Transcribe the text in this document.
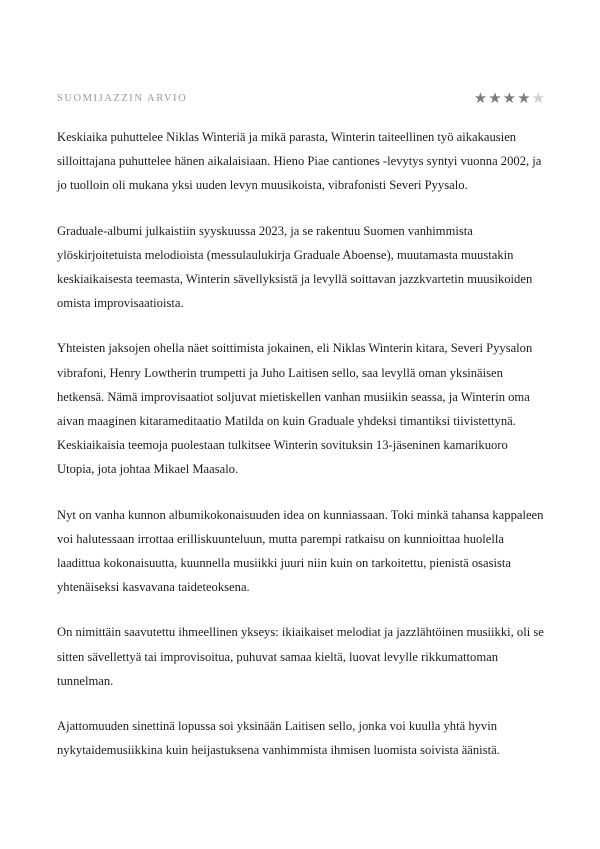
SUOMIJAZZIN ARVIO	★ ★ ★ ★ ★

Keskiaika puhuttelee Niklas Winteriä ja mikä parasta, Winterin taiteellinen työ aikakausien silloittajana puhuttelee hänen aikalaisiaan. Hieno Piae cantiones -levytys syntyi vuonna 2002, ja jo tuolloin oli mukana yksi uuden levyn muusikoista, vibrafonisti Severi Pyysalo.

Graduale-albumi julkaistiin syyskuussa 2023, ja se rakentuu Suomen vanhimmista ylöskirjoitetuista melodioista (messulaulukirja Graduale Aboense), muutamasta muustakin keskiaikaisesta teemasta, Winterin sävellyksistä ja levyllä soittavan jazzkvartetin muusikoiden omista improvisaatioista.

Yhteisten jaksojen ohella näet soittimista jokainen, eli Niklas Winterin kitara, Severi Pyysalon vibrafoni, Henry Lowtherin trumpetti ja Juho Laitisen sello, saa levyllä oman yksinäisen hetkensä. Nämä improvisaatiot soljuvat mietiskellen vanhan musiikin seassa, ja Winterin oma aivan maaginen kitarameditaatio Matilda on kuin Graduale yhdeksi timantiksi tiivistettynä. Keskiaikaisia teemoja puolestaan tulkitsee Winterin sovituksin 13-jäseninen kamarikuoro Utopia, jota johtaa Mikael Maasalo.

Nyt on vanha kunnon albumikokonaisuuden idea on kunniassaan. Toki minkä tahansa kappaleen voi halutessaan irrottaa erilliskuunteluun, mutta parempi ratkaisu on kunnioittaa huolella laadittua kokonaisuutta, kuunnella musiikki juuri niin kuin on tarkoitettu, pienistä osasista yhtenäiseksi kasvavana taideteoksena.

On nimittäin saavutettu ihmeellinen ykseys: ikiaikaiset melodiat ja jazzlähtöinen musiikki, oli se sitten sävellettyä tai improvisoitua, puhuvat samaa kieltä, luovat levylle rikkumattoman tunnelman.

Ajattomuuden sinettinä lopussa soi yksinään Laitisen sello, jonka voi kuulla yhtä hyvin nykytaidemusiikkina kuin heijastuksena vanhimmista ihmisen luomista soivista äänistä.
